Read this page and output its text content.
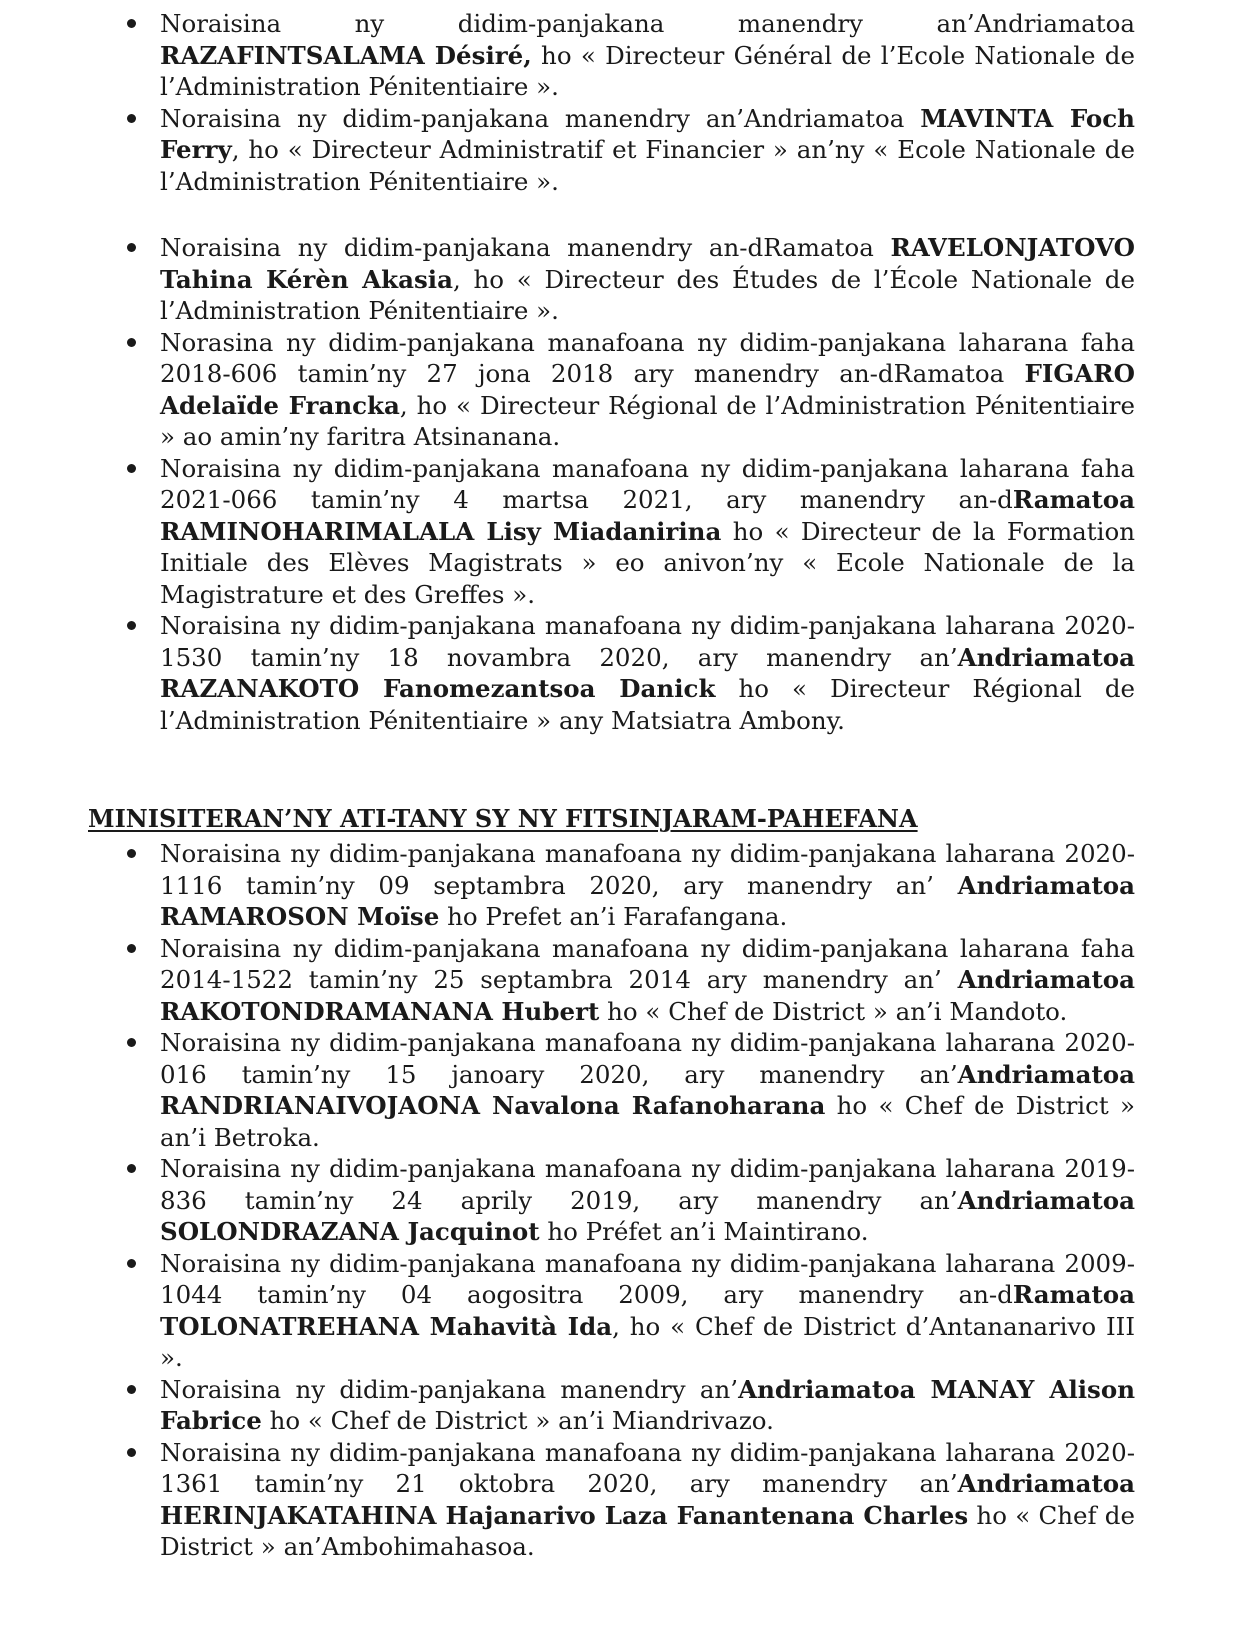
Noraisina ny didim-panjakana manendry an’Andriamatoa RAZAFINTSALAMA Désiré, ho « Directeur Général de l’Ecole Nationale de l’Administration Pénitentiaire ».
Noraisina ny didim-panjakana manendry an’Andriamatoa MAVINTA Foch Ferry, ho « Directeur Administratif et Financier » an’ny « Ecole Nationale de l’Administration Pénitentiaire ».
Noraisina ny didim-panjakana manendry an-dRamatoa RAVELONJATOVO Tahina Kérèn Akasia, ho « Directeur des Études de l’École Nationale de l’Administration Pénitentiaire ».
Norasina ny didim-panjakana manafoana ny didim-panjakana laharana faha 2018-606 tamin’ny 27 jona 2018 ary manendry an-dRamatoa FIGARO Adelaïde Francka, ho « Directeur Régional de l’Administration Pénitentiaire » ao amin’ny faritra Atsinanana.
Noraisina ny didim-panjakana manafoana ny didim-panjakana laharana faha 2021-066 tamin’ny 4 martsa 2021, ary manendry an-dRamatoa RAMINOHARIMALALA Lisy Miadanirina ho « Directeur de la Formation Initiale des Elèves Magistrats » eo anivon’ny « Ecole Nationale de la Magistrature et des Greffes ».
Noraisina ny didim-panjakana manafoana ny didim-panjakana laharana 2020-1530 tamin’ny 18 novambra 2020, ary manendry an’Andriamatoa RAZANAKOTO Fanomezantsoa Danick ho « Directeur Régional de l’Administration Pénitentiaire » any Matsiatra Ambony.
MINISITERAN’NY ATI-TANY SY NY FITSINJARAM-PAHEFANA
Noraisina ny didim-panjakana manafoana ny didim-panjakana laharana 2020-1116 tamin’ny 09 septambra 2020, ary manendry an’ Andriamatoa RAMAROSON Moïse ho Prefet an’i Farafangana.
Noraisina ny didim-panjakana manafoana ny didim-panjakana laharana faha 2014-1522 tamin’ny 25 septambra 2014 ary manendry an’ Andriamatoa RAKOTONDRAMANANA Hubert ho « Chef de District » an’i Mandoto.
Noraisina ny didim-panjakana manafoana ny didim-panjakana laharana 2020-016 tamin’ny 15 janoary 2020, ary manendry an’Andriamatoa RANDRIANAIVOJAONA Navalona Rafanoharana ho « Chef de District » an’i Betroka.
Noraisina ny didim-panjakana manafoana ny didim-panjakana laharana 2019-836 tamin’ny 24 aprily 2019, ary manendry an’Andriamatoa SOLONDRAZANA Jacquinot ho Préfet an’i Maintirano.
Noraisina ny didim-panjakana manafoana ny didim-panjakana laharana 2009-1044 tamin’ny 04 aogositra 2009, ary manendry an-dRamatoa TOLONATREHANA Mahavità Ida, ho « Chef de District d’Antananarivo III ».
Noraisina ny didim-panjakana manendry an’Andriamatoa MANAY Alison Fabrice ho « Chef de District » an’i Miandrivazo.
Noraisina ny didim-panjakana manafoana ny didim-panjakana laharana 2020-1361 tamin’ny 21 oktobra 2020, ary manendry an’Andriamatoa HERINJAKATAHINA Hajanarivo Laza Fanantenana Charles ho « Chef de District » an’Ambohimahasoa.
